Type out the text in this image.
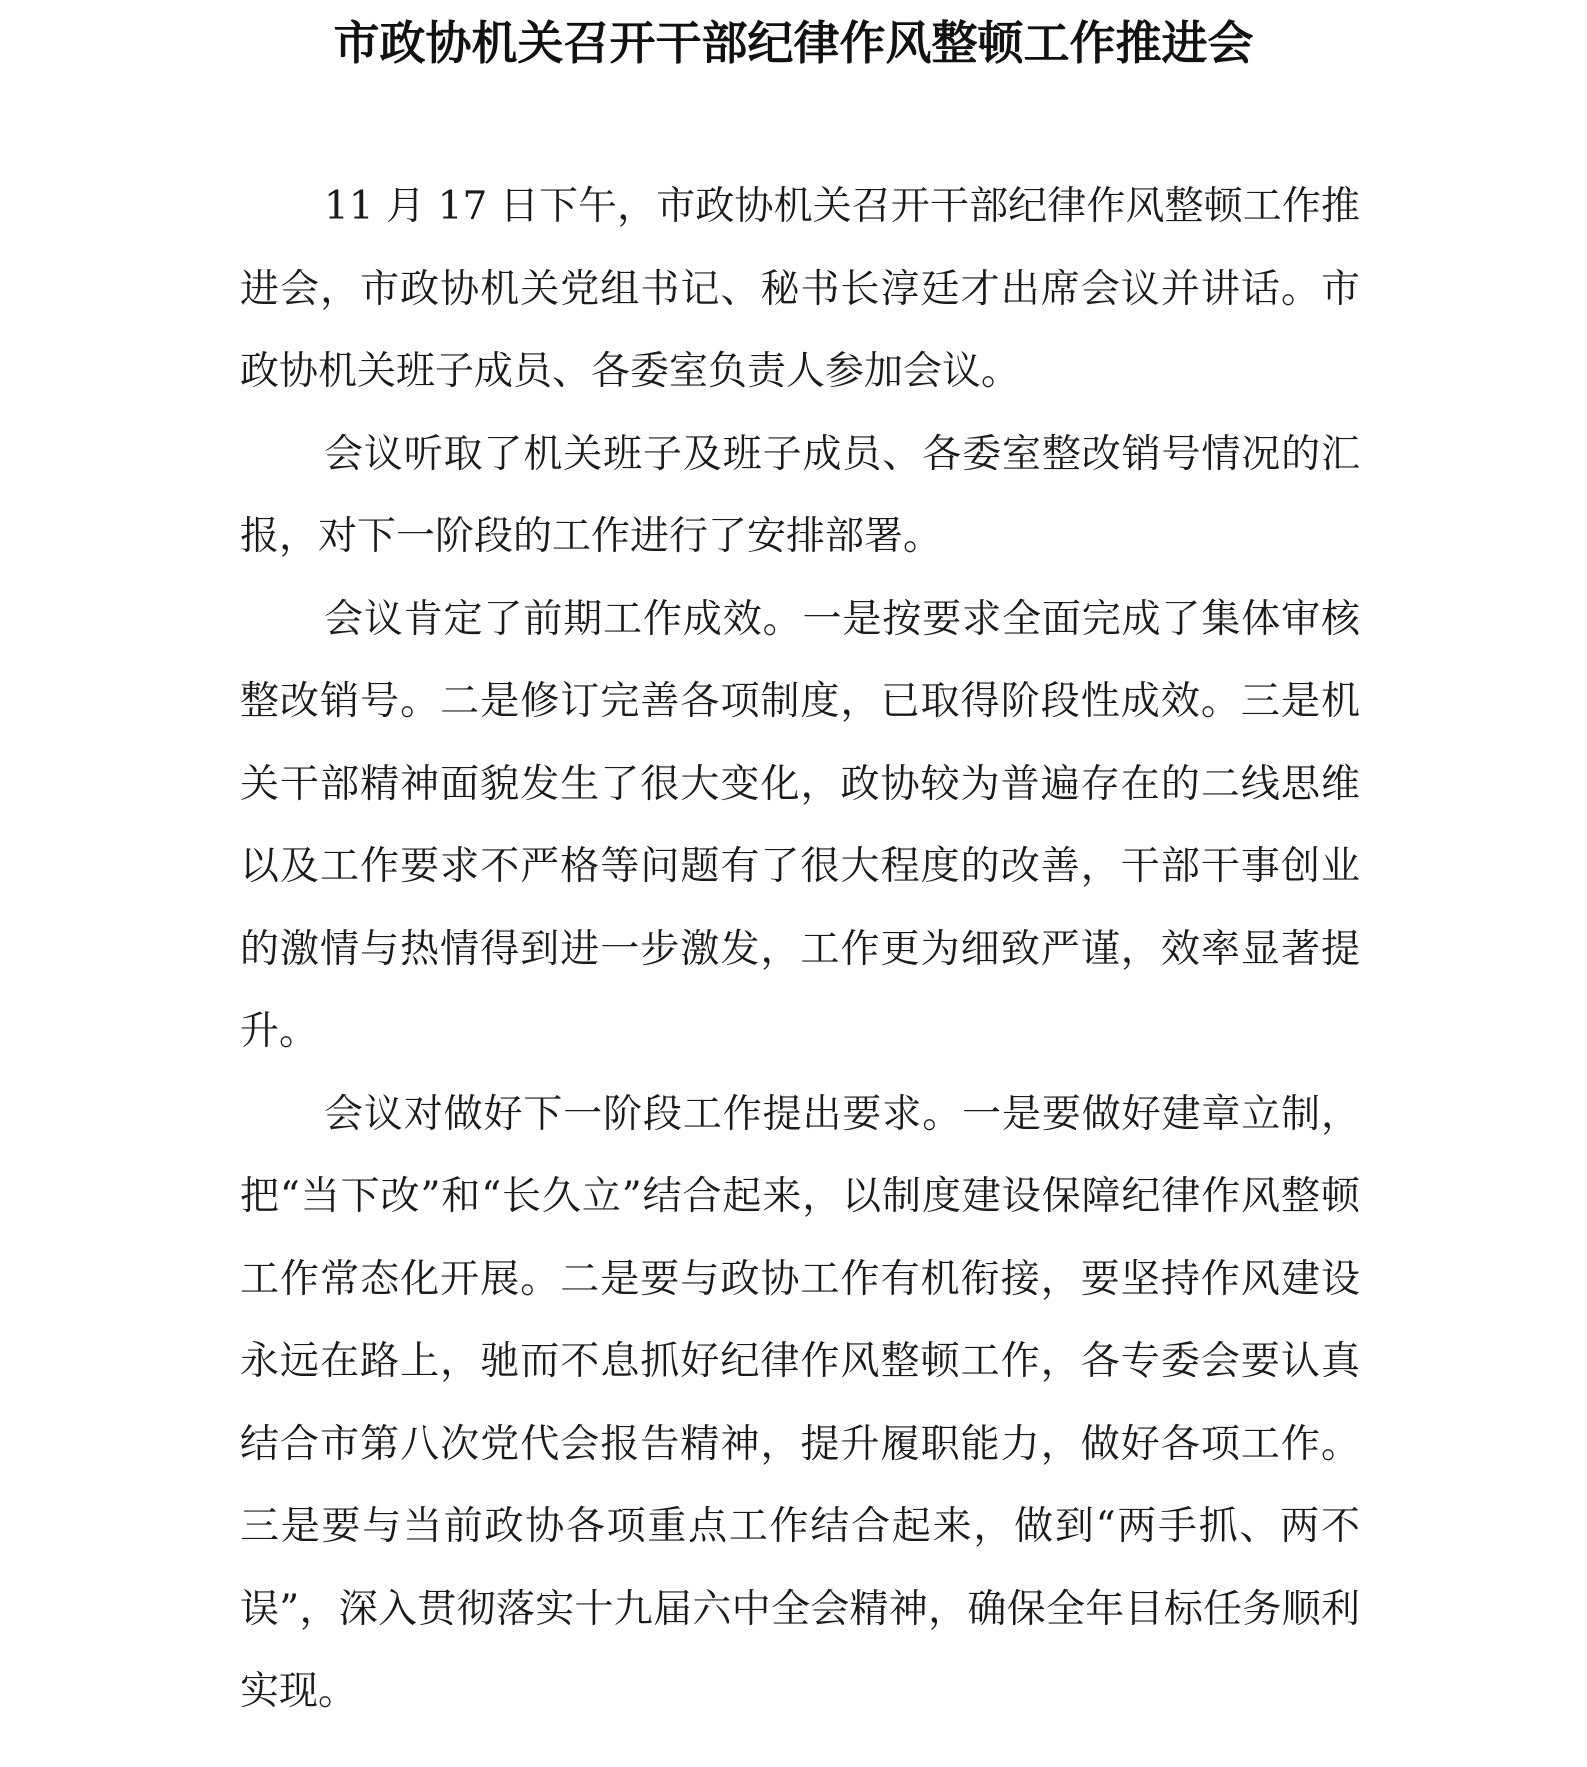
市政协机关召开干部纪律作风整顿工作推进会

11 月 17 日下午，市政协机关召开干部纪律作风整顿工作推进会，市政协机关党组书记、秘书长淳廷才出席会议并讲话。市政协机关班子成员、各委室负责人参加会议。

会议听取了机关班子及班子成员、各委室整改销号情况的汇报，对下一阶段的工作进行了安排部署。

会议肯定了前期工作成效。一是按要求全面完成了集体审核整改销号。二是修订完善各项制度，已取得阶段性成效。三是机关干部精神面貌发生了很大变化，政协较为普遍存在的二线思维以及工作要求不严格等问题有了很大程度的改善，干部干事创业的激情与热情得到进一步激发，工作更为细致严谨，效率显著提升。

会议对做好下一阶段工作提出要求。一是要做好建章立制，把“当下改”和“长久立”结合起来，以制度建设保障纪律作风整顿工作常态化开展。二是要与政协工作有机衔接，要坚持作风建设永远在路上，驰而不息抓好纪律作风整顿工作，各专委会要认真结合市第八次党代会报告精神，提升履职能力，做好各项工作。三是要与当前政协各项重点工作结合起来，做到“两手抓、两不误”，深入贯彻落实十九届六中全会精神，确保全年目标任务顺利实现。
